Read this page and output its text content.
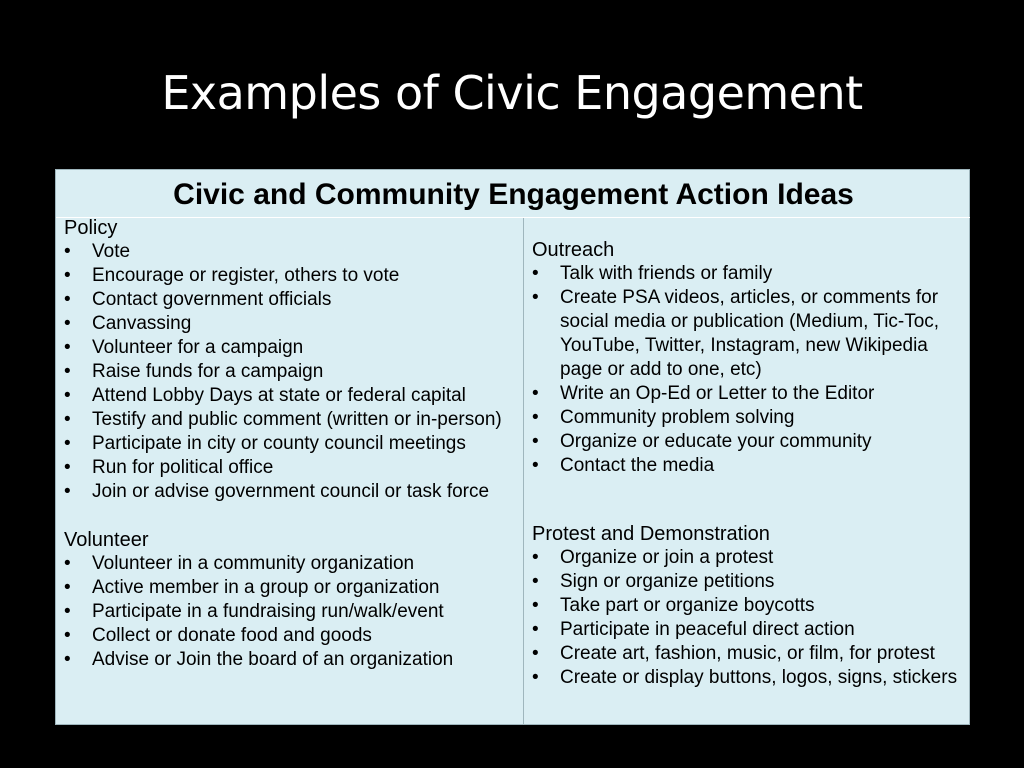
Examples of Civic Engagement
Civic and Community Engagement Action Ideas
Policy
• Vote
• Encourage or register, others to vote
• Contact government officials
• Canvassing
• Volunteer for a campaign
• Raise funds for a campaign
• Attend Lobby Days at state or federal capital
• Testify and public comment (written or in-person)
• Participate in city or county council meetings
• Run for political office
• Join or advise government council or task force
Volunteer
• Volunteer in a community organization
• Active member in a group or organization
• Participate in a fundraising run/walk/event
• Collect or donate food and goods
• Advise or Join the board of an organization
Outreach
• Talk with friends or family
• Create PSA videos, articles, or comments for social media or publication (Medium, Tic-Toc, YouTube, Twitter, Instagram, new Wikipedia page or add to one, etc)
• Write an Op-Ed or Letter to the Editor
• Community problem solving
• Organize or educate your community
• Contact the media
Protest and Demonstration
• Organize or join a protest
• Sign or organize petitions
• Take part or organize boycotts
• Participate in peaceful direct action
• Create art, fashion, music, or film, for protest
• Create or display buttons, logos, signs, stickers
